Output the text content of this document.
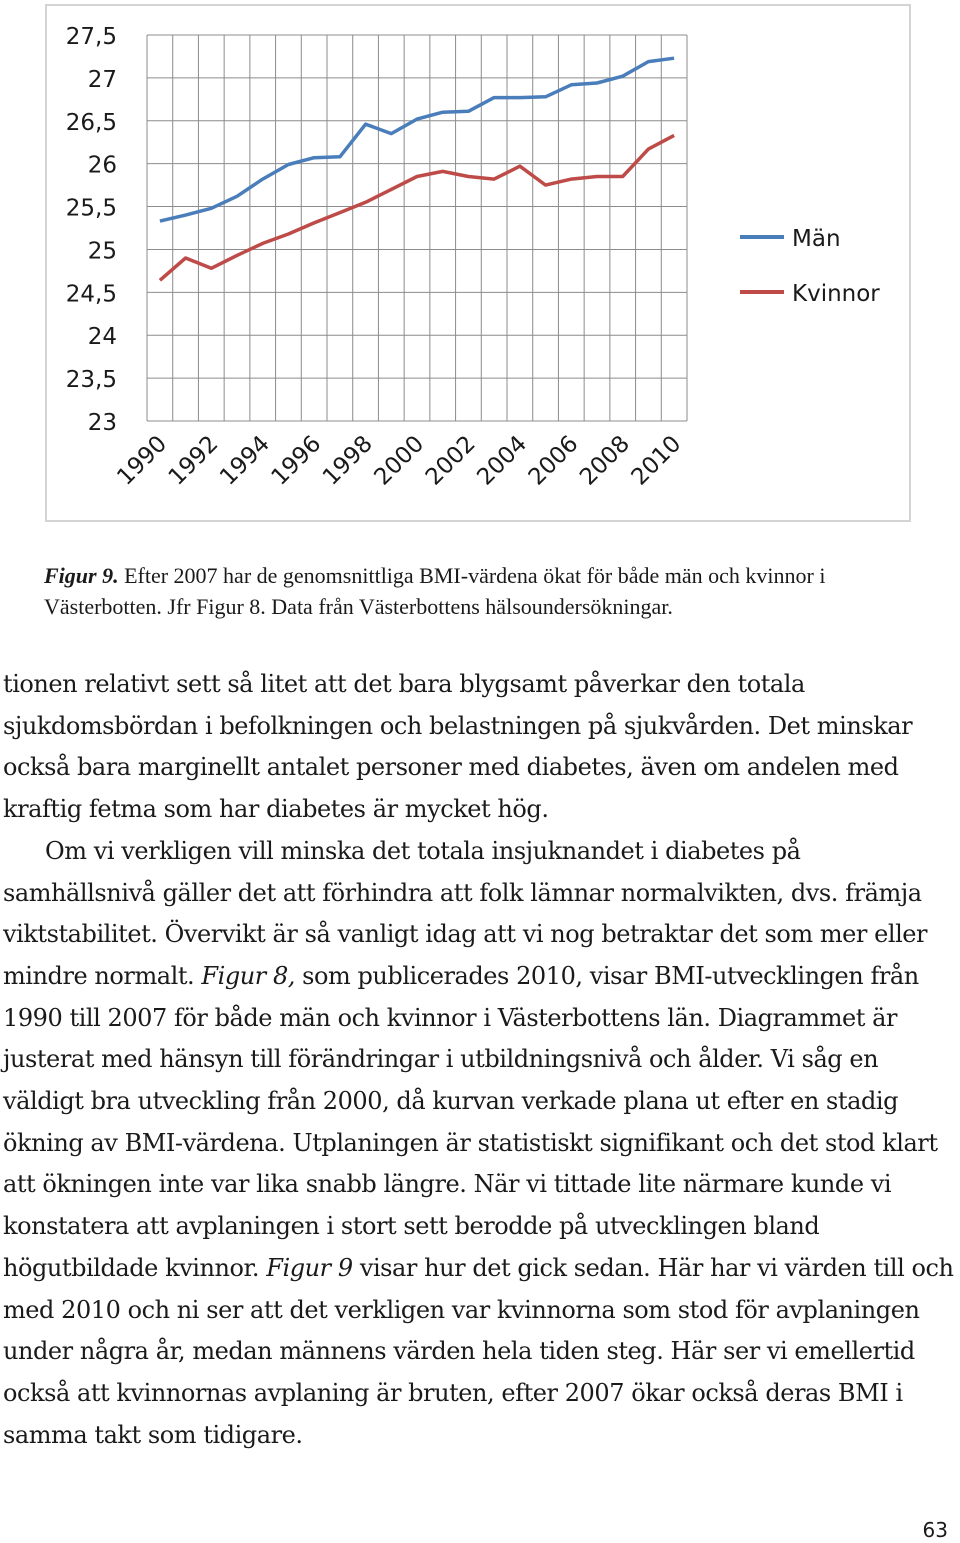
27,5
27
26,5
26
25,5
25
24,5
24
23,5
23
1990
1992
1994
1996
1998
2000
2002
2004
2006
2008
2010
Män
Kvinnor
Figur 9. Efter 2007 har de genomsnittliga BMI-värdena ökat för både män och kvinnor i Västerbotten. Jfr Figur 8. Data från Västerbottens hälsoundersökningar.

tionen relativt sett så litet att det bara blygsamt påverkar den totala sjukdomsbördan i befolkningen och belastningen på sjukvården. Det minskar också bara marginellt antalet personer med diabetes, även om andelen med kraftig fetma som har diabetes är mycket hög.

Om vi verkligen vill minska det totala insjuknandet i diabetes på samhällsnivå gäller det att förhindra att folk lämnar normalvikten, dvs. främja viktstabilitet. Övervikt är så vanligt idag att vi nog betraktar det som mer eller mindre normalt. Figur 8, som publicerades 2010, visar BMI-utvecklingen från 1990 till 2007 för både män och kvinnor i Västerbottens län. Diagrammet är justerat med hänsyn till förändringar i utbildningsnivå och ålder. Vi såg en väldigt bra utveckling från 2000, då kurvan verkade plana ut efter en stadig ökning av BMI-värdena. Utplaningen är statistiskt signifikant och det stod klart att ökningen inte var lika snabb längre. När vi tittade lite närmare kunde vi konstatera att avplaningen i stort sett berodde på utvecklingen bland högutbildade kvinnor. Figur 9 visar hur det gick sedan. Här har vi värden till och med 2010 och ni ser att det verkligen var kvinnorna som stod för avplaningen under några år, medan männens värden hela tiden steg. Här ser vi emellertid också att kvinnornas avplaning är bruten, efter 2007 ökar också deras BMI i samma takt som tidigare.

63
